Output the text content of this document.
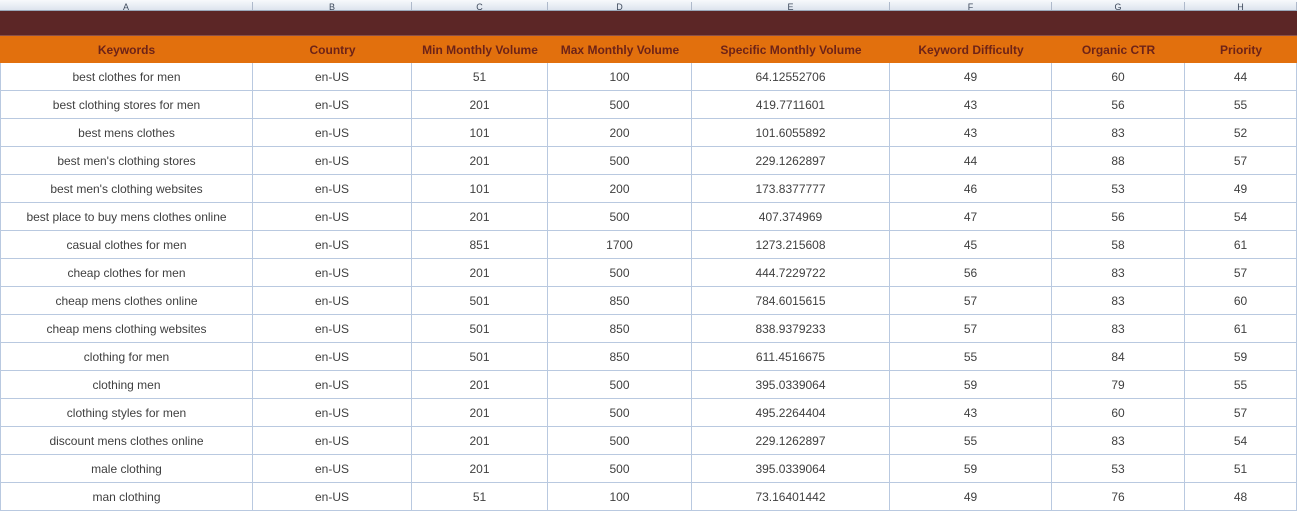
A	B	C	D	E	F	G	H
Keywords	Country	Min Monthly Volume	Max Monthly Volume	Specific Monthly Volume	Keyword Difficulty	Organic CTR	Priority
best clothes for men	en-US	51	100	64.12552706	49	60	44
best clothing stores for men	en-US	201	500	419.7711601	43	56	55
best mens clothes	en-US	101	200	101.6055892	43	83	52
best men's clothing stores	en-US	201	500	229.1262897	44	88	57
best men's clothing websites	en-US	101	200	173.8377777	46	53	49
best place to buy mens clothes online	en-US	201	500	407.374969	47	56	54
casual clothes for men	en-US	851	1700	1273.215608	45	58	61
cheap clothes for men	en-US	201	500	444.7229722	56	83	57
cheap mens clothes online	en-US	501	850	784.6015615	57	83	60
cheap mens clothing websites	en-US	501	850	838.9379233	57	83	61
clothing for men	en-US	501	850	611.4516675	55	84	59
clothing men	en-US	201	500	395.0339064	59	79	55
clothing styles for men	en-US	201	500	495.2264404	43	60	57
discount mens clothes online	en-US	201	500	229.1262897	55	83	54
male clothing	en-US	201	500	395.0339064	59	53	51
man clothing	en-US	51	100	73.16401442	49	76	48
